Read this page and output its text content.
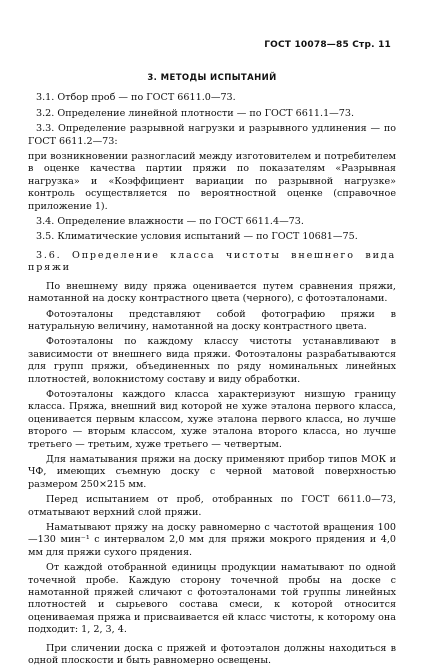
ГОСТ 10078—85 Стр. 11
3. МЕТОДЫ ИСПЫТАНИЙ

3.1. Отбор проб — по ГОСТ 6611.0—73.

3.2. Определение линейной плотности — по ГОСТ 6611.1—73.

3.3. Определение разрывной нагрузки и разрывного удлинения — по ГОСТ 6611.2—73:

при возникновении разногласий между изготовителем и потребителем в оценке качества партии пряжи по показателям «Разрывная нагрузка» и «Коэффициент вариации по разрывной нагрузке» контроль осуществляется по вероятностной оценке (справочное приложение 1).

3.4. Определение влажности — по ГОСТ 6611.4—73.

3.5. Климатические условия испытаний — по ГОСТ 10681—75.

3.6. Определение класса чистоты внешнего вида пряжи

По внешнему виду пряжа оценивается путем сравнения пряжи, намотанной на доску контрастного цвета (черного), с фотоэталонами.

Фотоэталоны представляют собой фотографию пряжи в натуральную величину, намотанной на доску контрастного цвета.

Фотоэталоны по каждому классу чистоты устанавливают в зависимости от внешнего вида пряжи. Фотоэталоны разрабатываются для групп пряжи, объединенных по ряду номинальных линейных плотностей, волокнистому составу и виду обработки.

Фотоэталоны каждого класса характеризуют низшую границу класса. Пряжа, внешний вид которой не хуже эталона первого класса, оценивается первым классом, хуже эталона первого класса, но лучше второго — вторым классом, хуже эталона второго класса, но лучше третьего — третьим, хуже третьего — четвертым.

Для наматывания пряжи на доску применяют прибор типов МОК и ЧФ, имеющих съемную доску с черной матовой поверхностью размером 250×215 мм.

Перед испытанием от проб, отобранных по ГОСТ 6611.0—73, отматывают верхний слой пряжи.

Наматывают пряжу на доску равномерно с частотой вращения 100—130 мин⁻¹ с интервалом 2,0 мм для пряжи мокрого прядения и 4,0 мм для пряжи сухого прядения.

От каждой отобранной единицы продукции наматывают по одной точечной пробе. Каждую сторону точечной пробы на доске с намотанной пряжей сличают с фотоэталонами той группы линейных плотностей и сырьевого состава смеси, к которой относится оцениваемая пряжа и присваивается ей класс чистоты, к которому она подходит: 1, 2, 3, 4.

При сличении доска с пряжей и фотоэталон должны находиться в одной плоскости и быть равномерно освещены.
